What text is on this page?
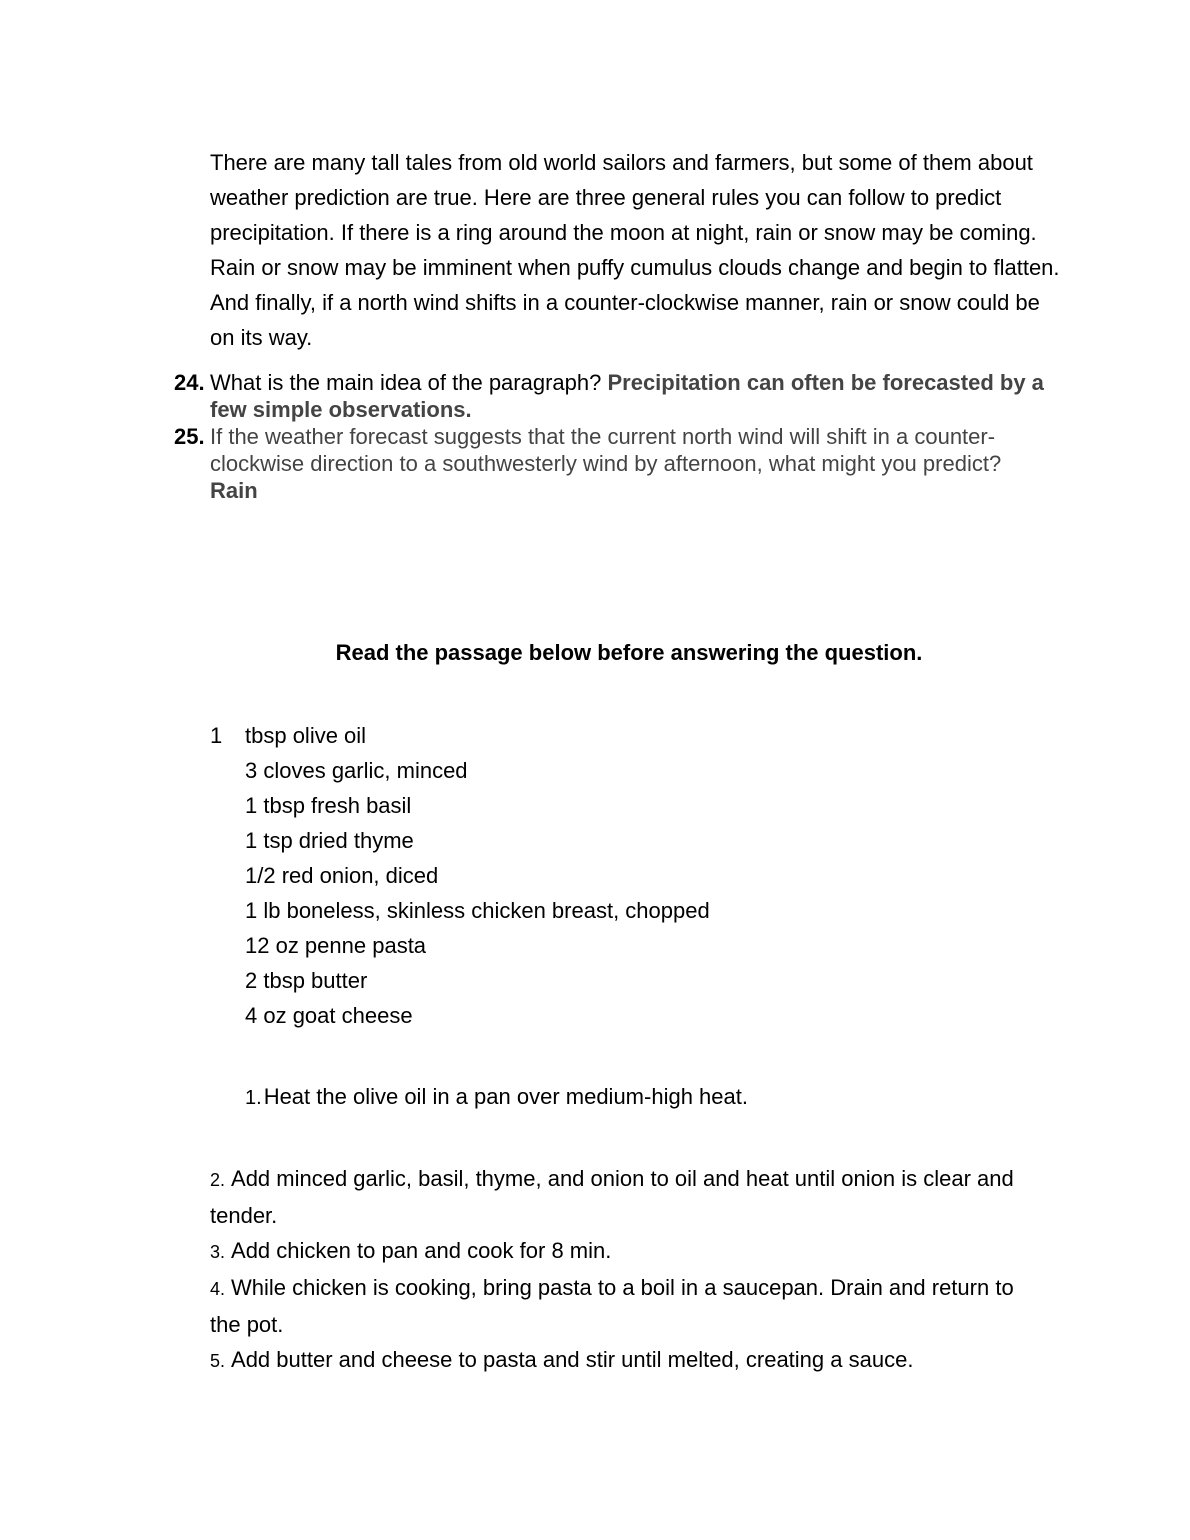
There are many tall tales from old world sailors and farmers, but some of them about weather prediction are true. Here are three general rules you can follow to predict precipitation. If there is a ring around the moon at night, rain or snow may be coming. Rain or snow may be imminent when puffy cumulus clouds change and begin to flatten. And finally, if a north wind shifts in a counter-clockwise manner, rain or snow could be on its way.

24. What is the main idea of the paragraph? Precipitation can often be forecasted by a few simple observations.
25. If the weather forecast suggests that the current north wind will shift in a counter-clockwise direction to a southwesterly wind by afternoon, what might you predict?
Rain

Read the passage below before answering the question.

1 tbsp olive oil
3 cloves garlic, minced
1 tbsp fresh basil
1 tsp dried thyme
1/2 red onion, diced
1 lb boneless, skinless chicken breast, chopped
12 oz penne pasta
2 tbsp butter
4 oz goat cheese
1.Heat the olive oil in a pan over medium-high heat.

2. Add minced garlic, basil, thyme, and onion to oil and heat until onion is clear and tender.

3. Add chicken to pan and cook for 8 min.

4. While chicken is cooking, bring pasta to a boil in a saucepan. Drain and return to the pot.

5. Add butter and cheese to pasta and stir until melted, creating a sauce.
